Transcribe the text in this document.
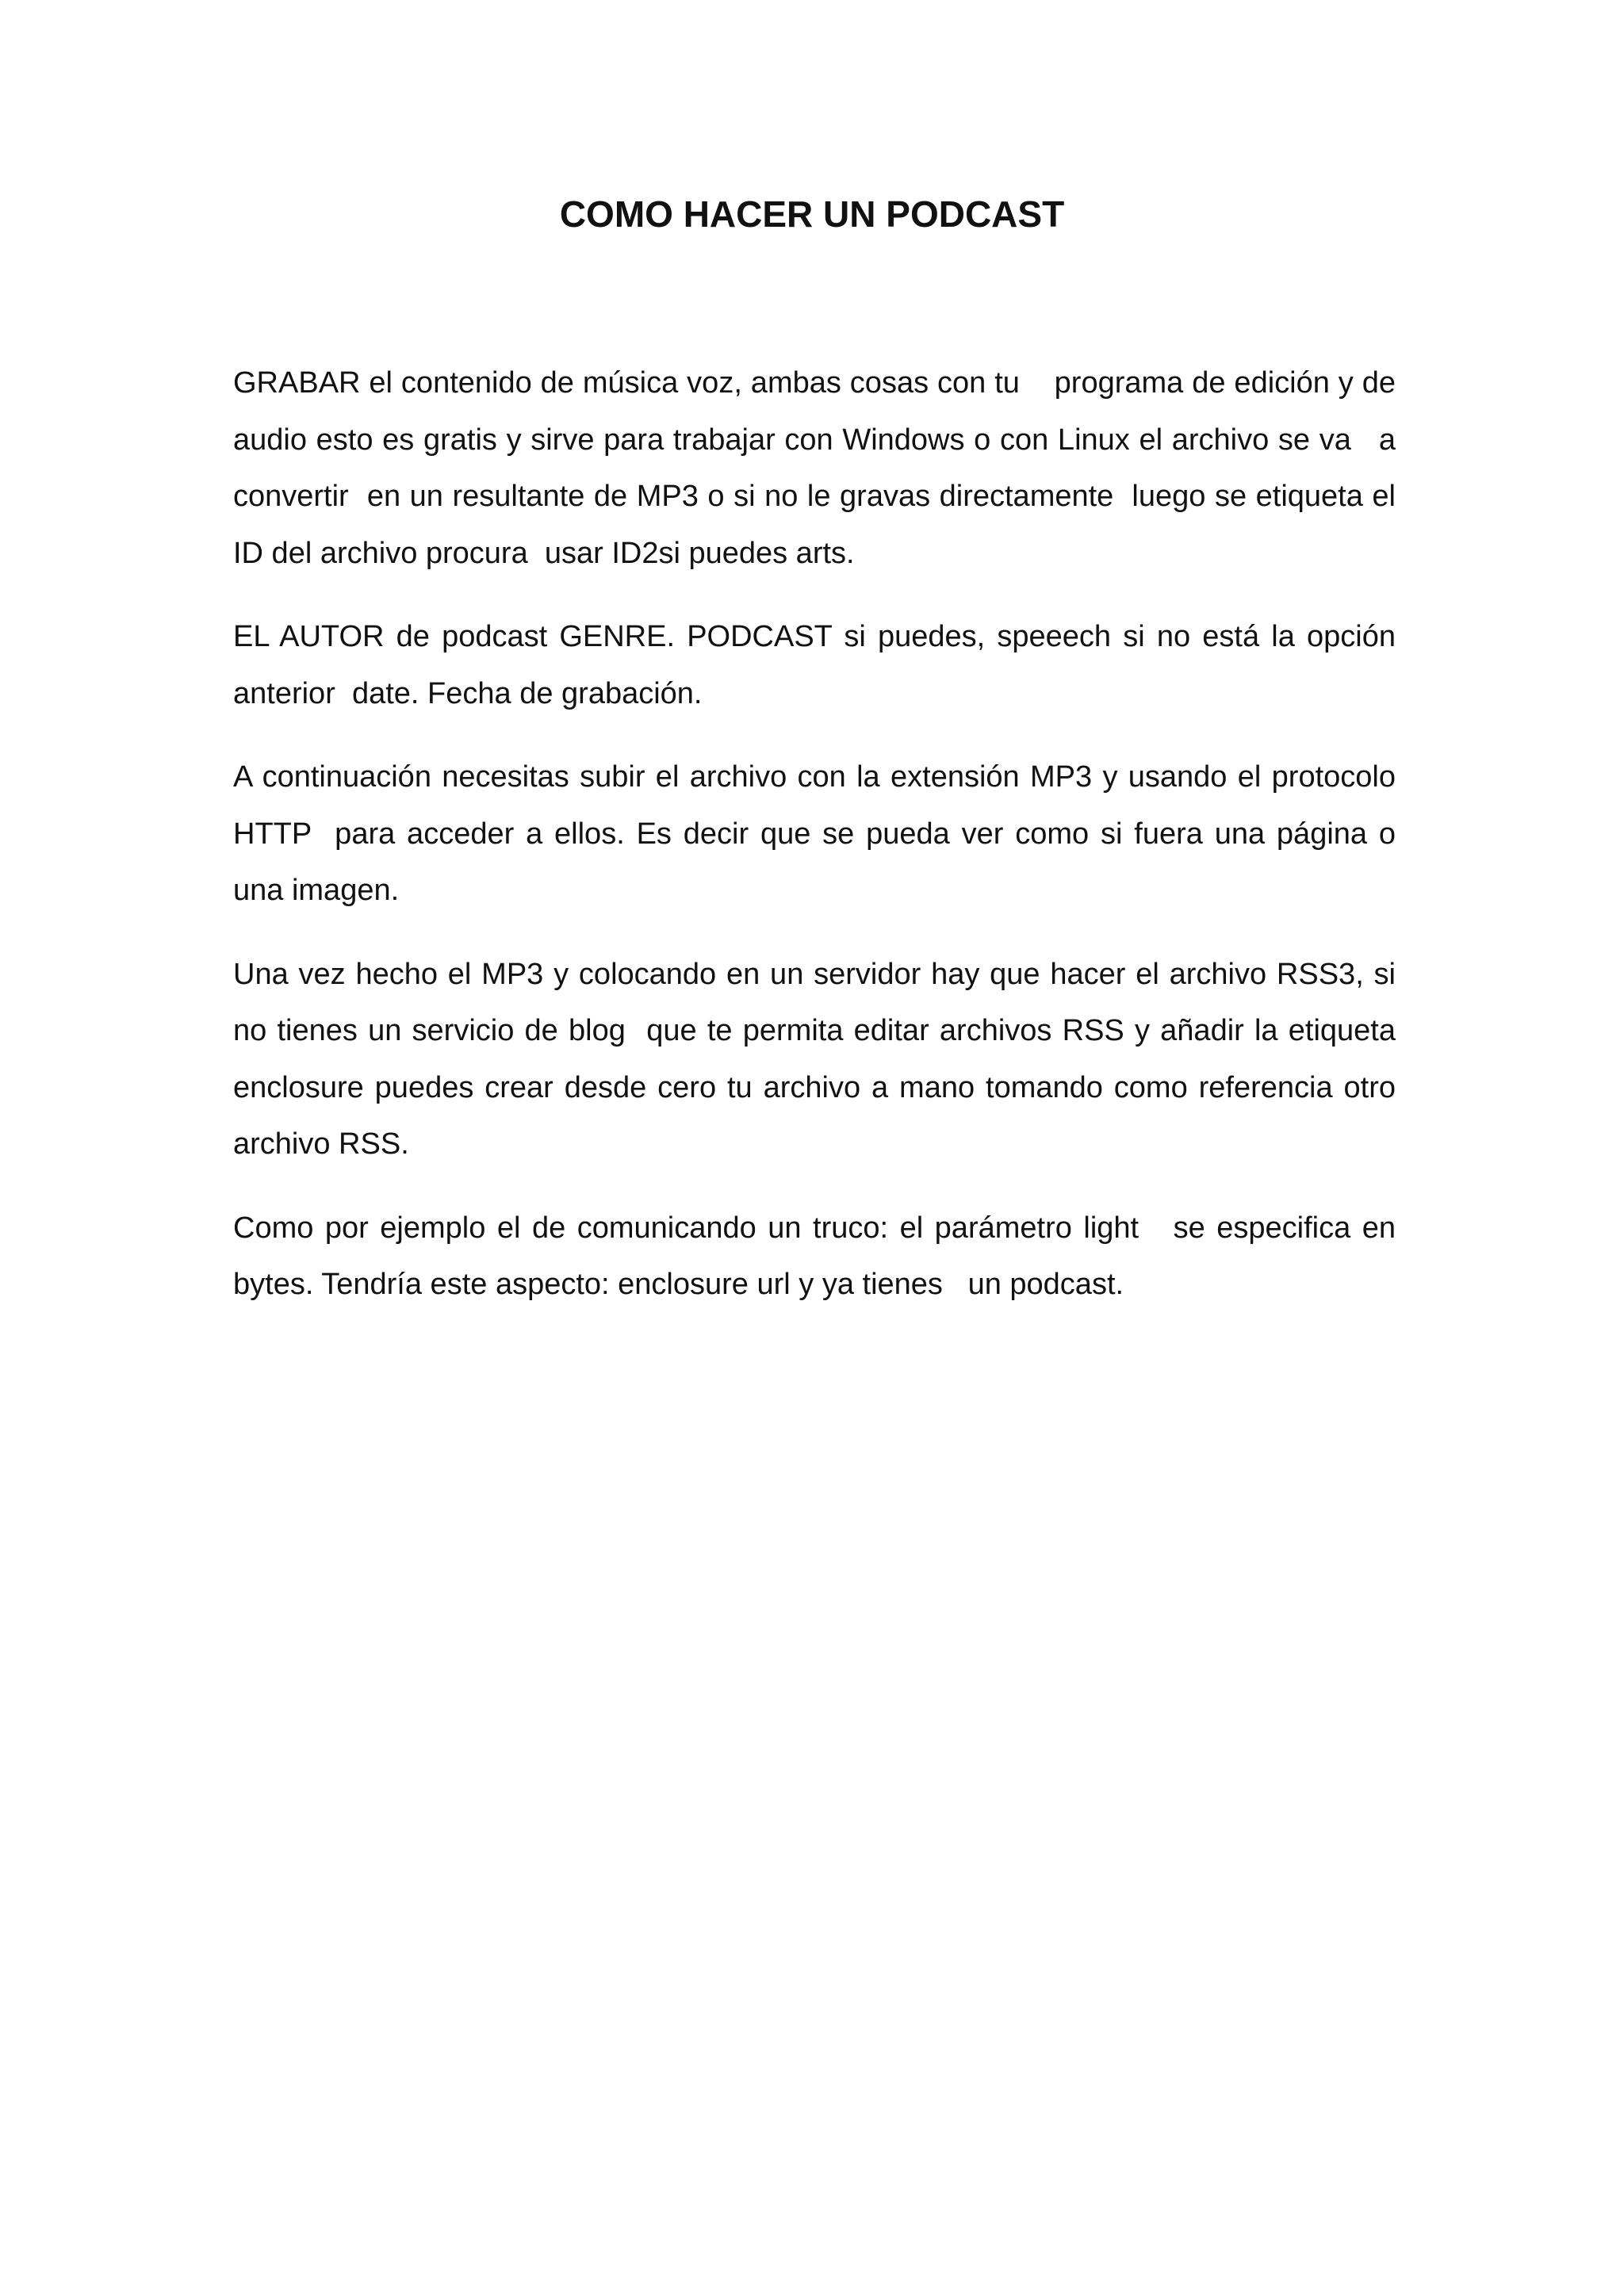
COMO HACER UN PODCAST

GRABAR el contenido de música voz, ambas cosas con tu    programa de edición y de audio esto es gratis y sirve para trabajar con Windows o con Linux el archivo se va   a convertir  en un resultante de MP3 o si no le gravas directamente  luego se etiqueta el ID del archivo procura  usar ID2si puedes arts.

EL AUTOR de podcast GENRE. PODCAST si puedes, speeech si no está la opción anterior  date. Fecha de grabación.

A continuación necesitas subir el archivo con la extensión MP3 y usando el protocolo HTTP  para acceder a ellos. Es decir que se pueda ver como si fuera una página o una imagen.

Una vez hecho el MP3 y colocando en un servidor hay que hacer el archivo RSS3, si no tienes un servicio de blog  que te permita editar archivos RSS y añadir la etiqueta enclosure puedes crear desde cero tu archivo a mano tomando como referencia otro archivo RSS.

Como por ejemplo el de comunicando un truco: el parámetro light   se especifica en  bytes. Tendría este aspecto: enclosure url y ya tienes   un podcast.
